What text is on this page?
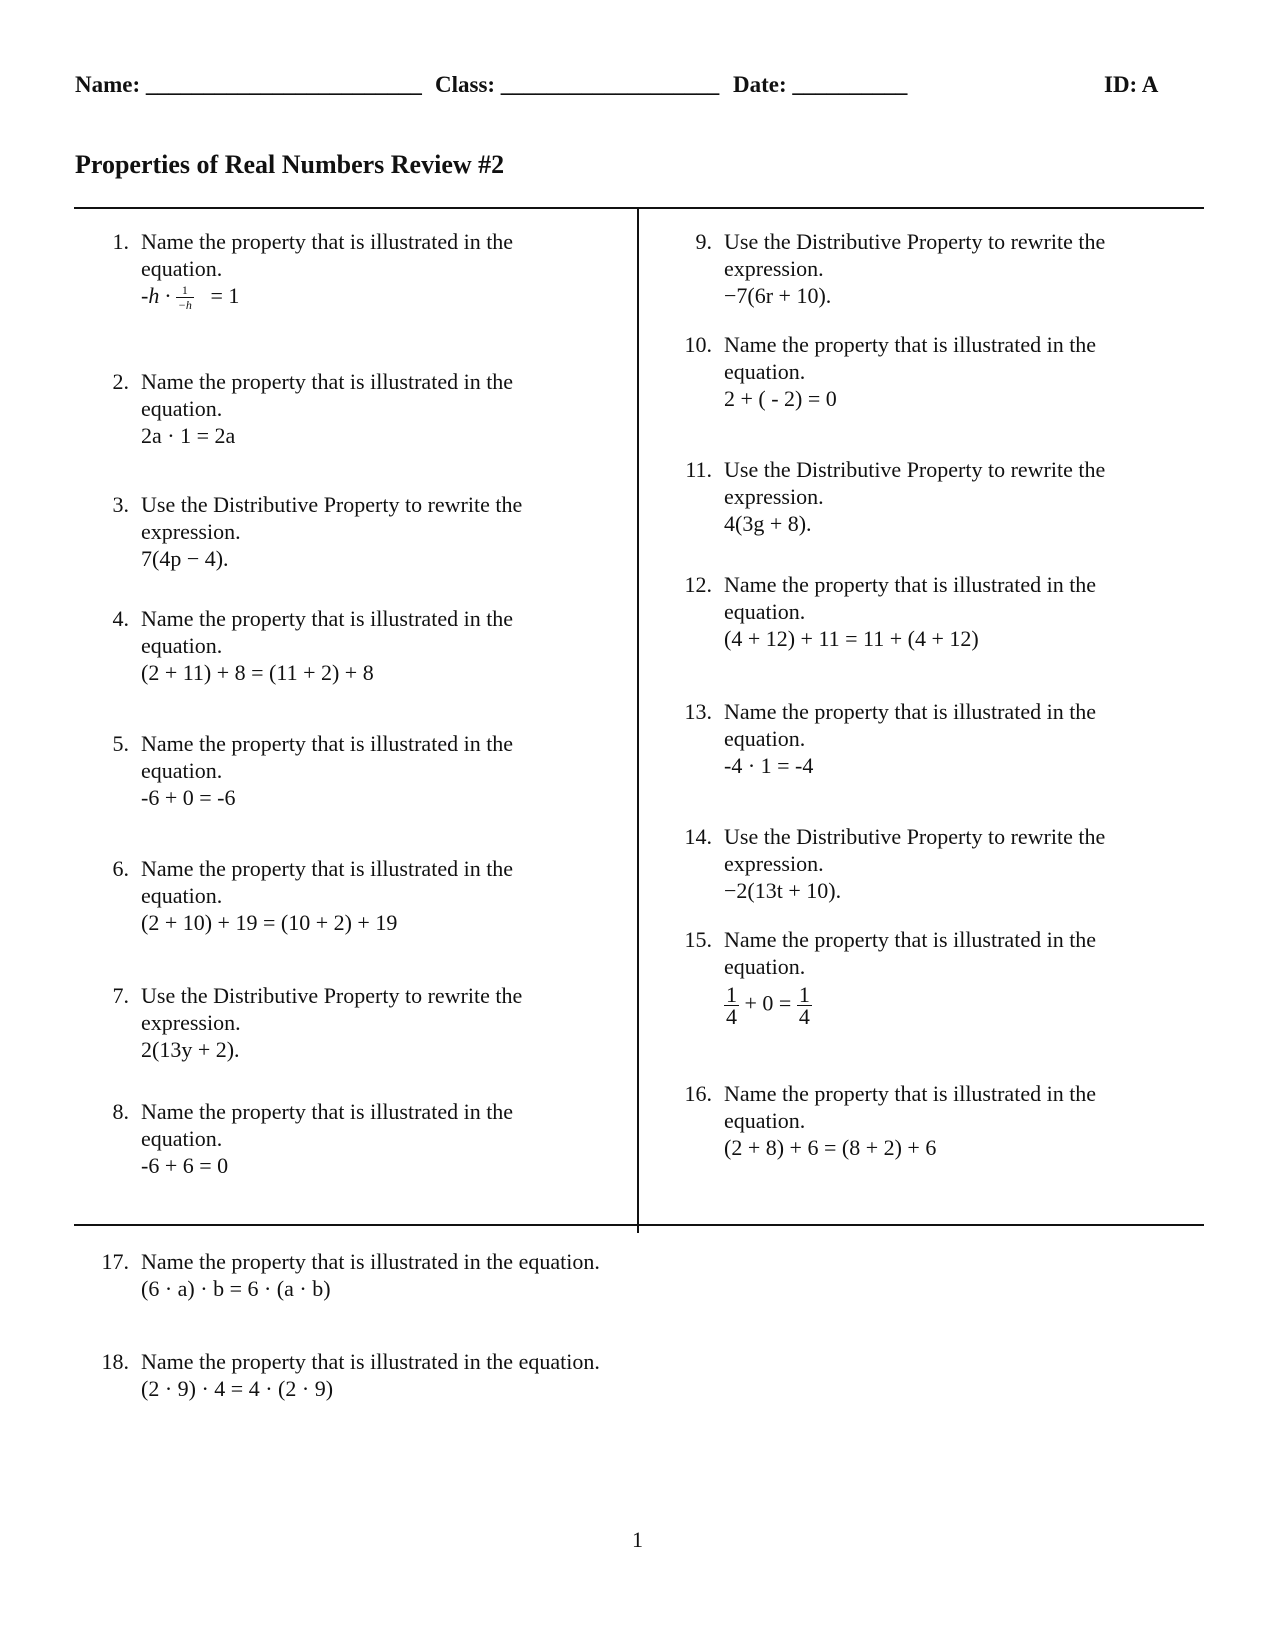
Name: ________________________ Class: ___________________ Date: __________	ID: A
Properties of Real Numbers Review #2
1. Name the property that is illustrated in the equation.
$-h \cdot \frac{1}{-h} = 1$
2. Name the property that is illustrated in the equation.
2a · 1 = 2a
3. Use the Distributive Property to rewrite the expression.
7(4p − 4).
4. Name the property that is illustrated in the equation.
(2 + 11) + 8 = (11 + 2) + 8
5. Name the property that is illustrated in the equation.
-6 + 0 = -6
6. Name the property that is illustrated in the equation.
(2 + 10) + 19 = (10 + 2) + 19
7. Use the Distributive Property to rewrite the expression.
2(13y + 2).
8. Name the property that is illustrated in the equation.
-6 + 6 = 0
9. Use the Distributive Property to rewrite the expression.
−7(6r + 10).
10. Name the property that is illustrated in the equation.
2 + ( - 2) = 0
11. Use the Distributive Property to rewrite the expression.
4(3g + 8).
12. Name the property that is illustrated in the equation.
(4 + 12) + 11 = 11 + (4 + 12)
13. Name the property that is illustrated in the equation.
-4 · 1 = -4
14. Use the Distributive Property to rewrite the expression.
−2(13t + 10).
15. Name the property that is illustrated in the equation.
$\frac{1}{4} + 0 = \frac{1}{4}$
16. Name the property that is illustrated in the equation.
(2 + 8) + 6 = (8 + 2) + 6
17. Name the property that is illustrated in the equation.
(6 · a) · b = 6 · (a · b)
18. Name the property that is illustrated in the equation.
(2 · 9) · 4 = 4 · (2 · 9)
1
